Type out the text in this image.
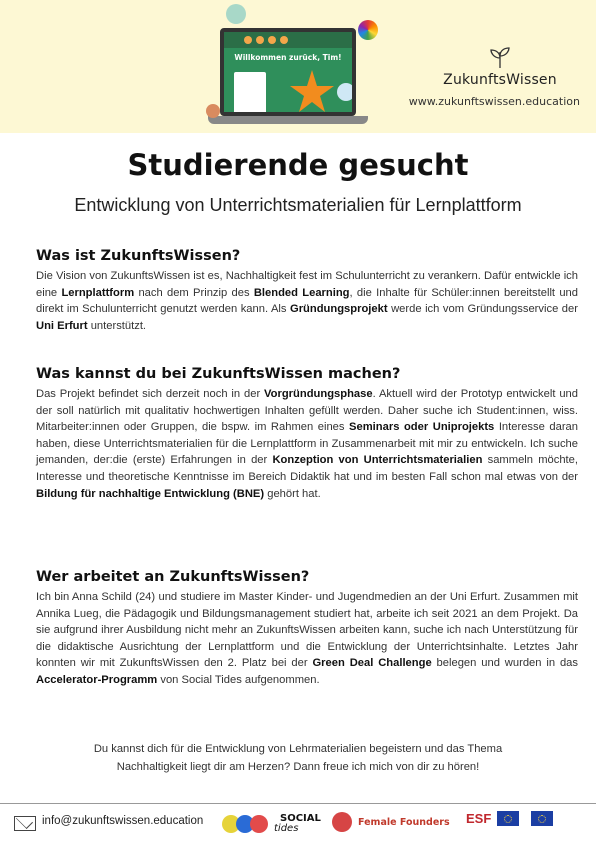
Willkommen zurück, Tim!
ZukunftsWissen
www.zukunftswissen.education
Studierende gesucht
Entwicklung von Unterrichtsmaterialien für Lernplattform
Was ist ZukunftsWissen?

Die Vision von ZukunftsWissen ist es, Nachhaltigkeit fest im Schulunterricht zu verankern. Dafür entwickle ich eine Lernplattform nach dem Prinzip des Blended Learning, die Inhalte für Schüler:innen bereitstellt und direkt im Schulunterricht genutzt werden kann. Als Gründungsprojekt werde ich vom Gründungsservice der Uni Erfurt unterstützt.

Was kannst du bei ZukunftsWissen machen?

Das Projekt befindet sich derzeit noch in der Vorgründungsphase. Aktuell wird der Prototyp entwickelt und der soll natürlich mit qualitativ hochwertigen Inhalten gefüllt werden. Daher suche ich Student:innen, wiss. Mitarbeiter:innen oder Gruppen, die bspw. im Rahmen eines Seminars oder Uniprojekts Interesse daran haben, diese Unterrichtsmaterialien für die Lernplattform in Zusammenarbeit mit mir zu entwickeln. Ich suche jemanden, der:die (erste) Erfahrungen in der Konzeption von Unterrichtsmaterialien sammeln möchte, Interesse und theoretische Kenntnisse im Bereich Didaktik hat und im besten Fall schon mal etwas von der Bildung für nachhaltige Entwicklung (BNE) gehört hat.

Wer arbeitet an ZukunftsWissen?

Ich bin Anna Schild (24) und studiere im Master Kinder- und Jugendmedien an der Uni Erfurt. Zusammen mit Annika Lueg, die Pädagogik und Bildungsmanagement studiert hat, arbeite ich seit 2021 an dem Projekt. Da sie aufgrund ihrer Ausbildung nicht mehr an ZukunftsWissen arbeiten kann, suche ich nach Unterstützung für die didaktische Ausrichtung der Lernplattform und die Entwicklung der Unterrichtsinhalte. Letztes Jahr konnten wir mit ZukunftsWissen den 2. Platz bei der Green Deal Challenge belegen und wurden in das Accelerator-Programm von Social Tides aufgenommen.

Du kannst dich für die Entwicklung von Lehrmaterialien begeistern und das Thema
Nachhaltigkeit liegt dir am Herzen? Dann freue ich mich von dir zu hören!
info@zukunftswissen.education	SOCIAL
tides
Female Founders ESF
